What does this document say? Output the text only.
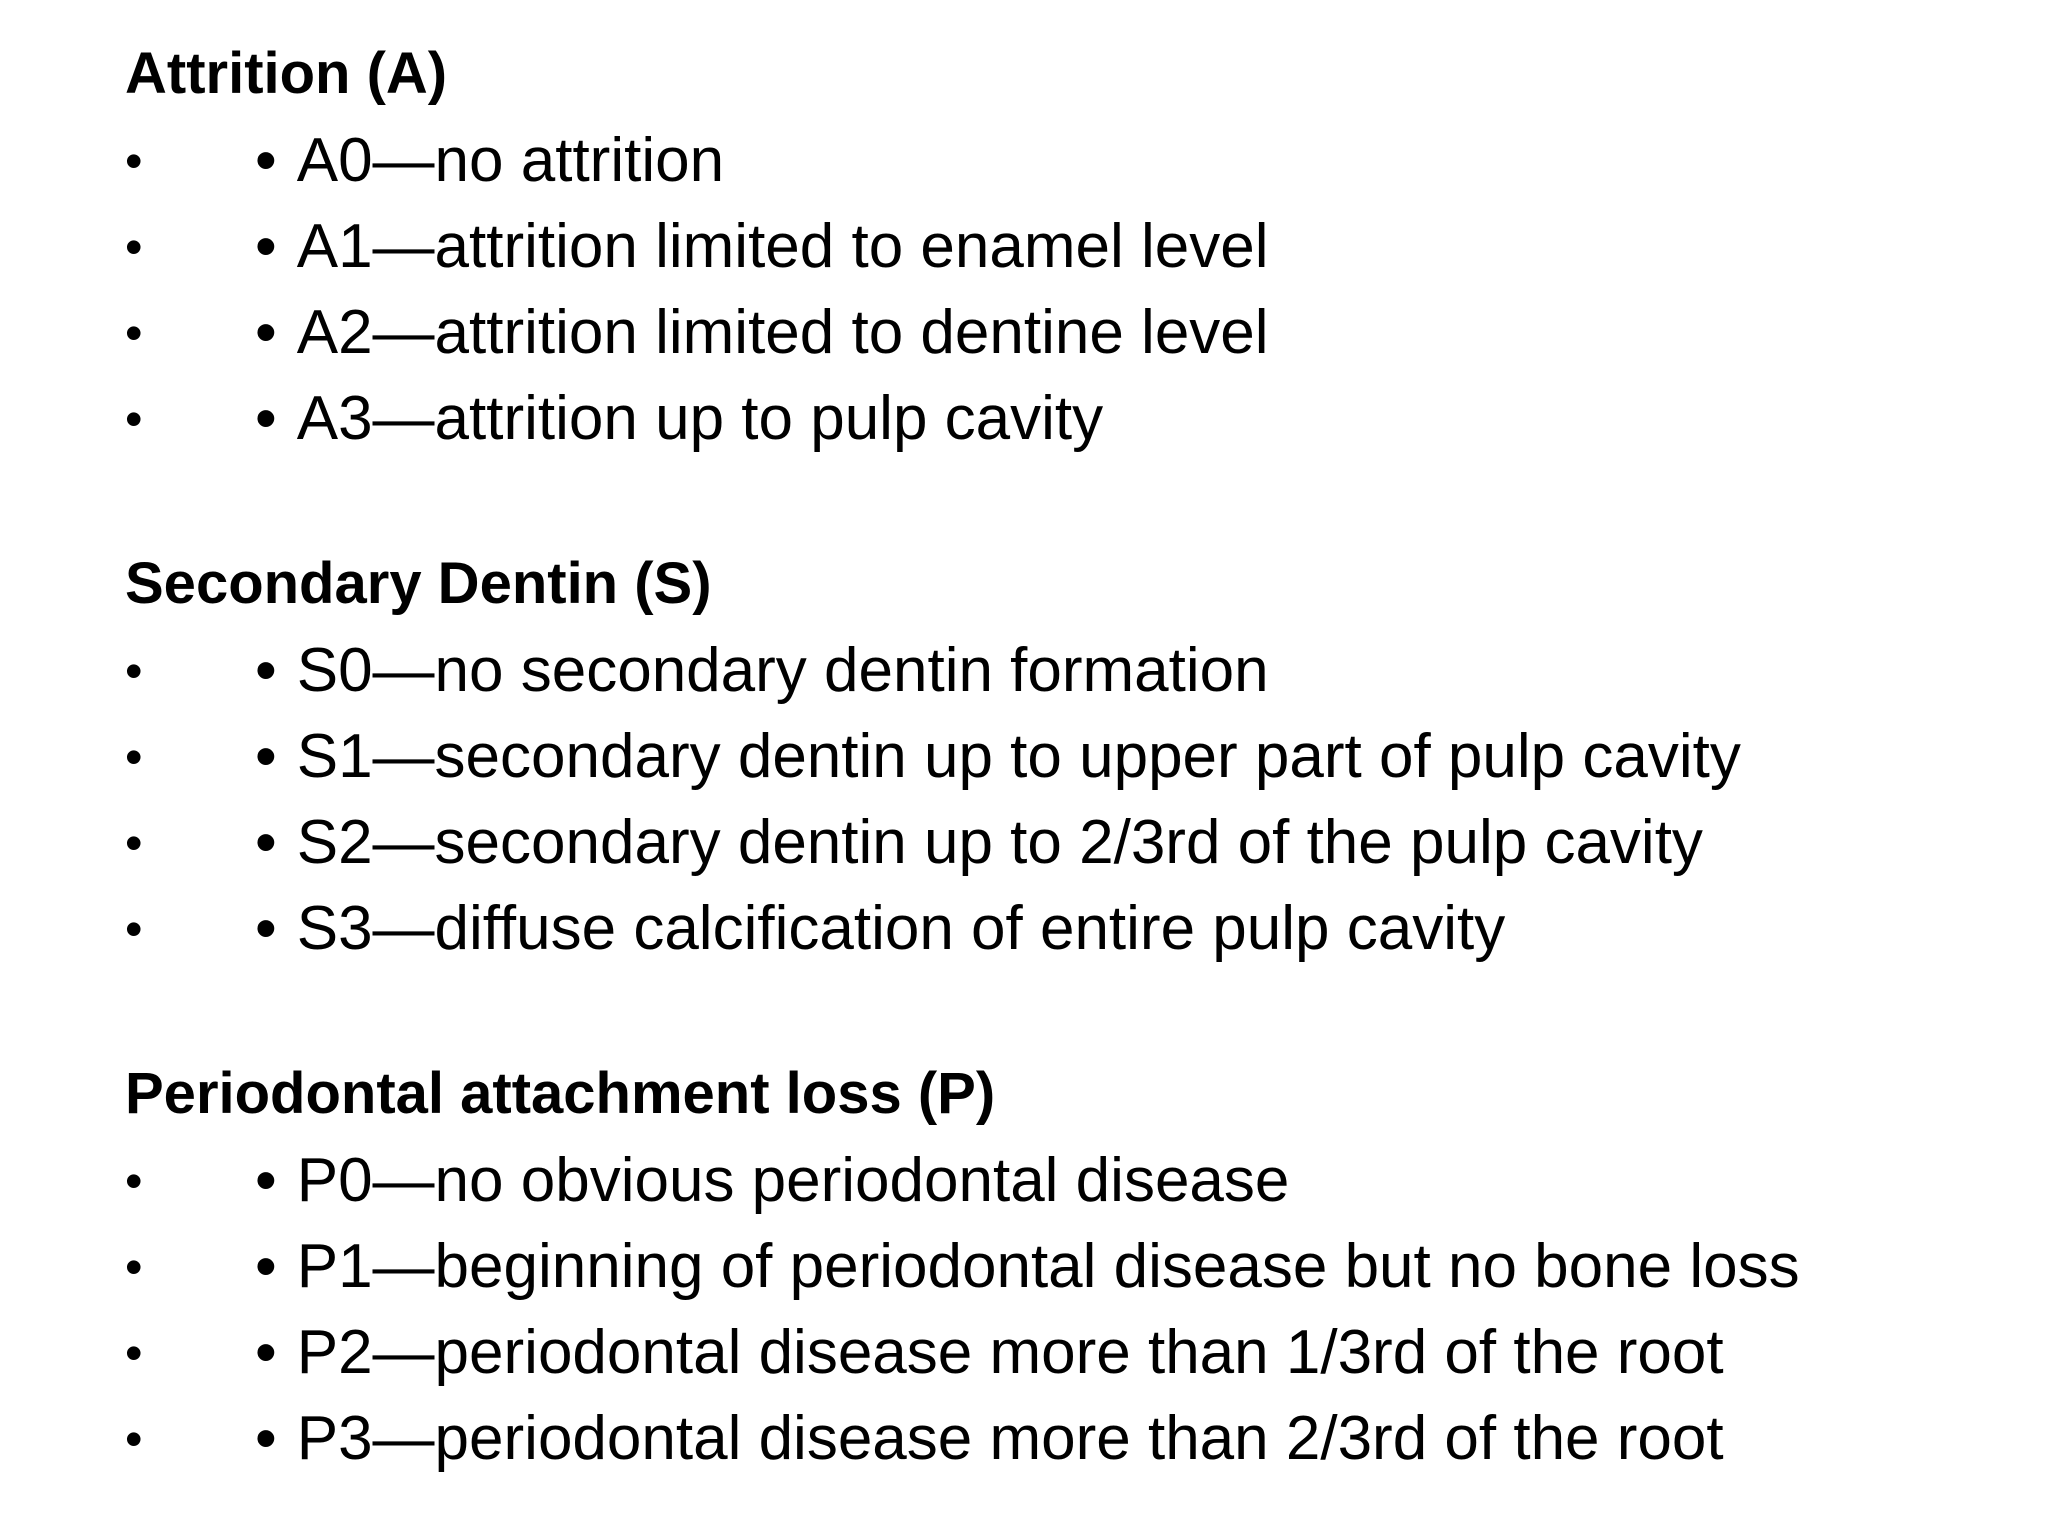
Attrition (A)
• • A0—no attrition
• • A1—attrition limited to enamel level
• • A2—attrition limited to dentine level
• • A3—attrition up to pulp cavity
Secondary Dentin (S)
• • S0—no secondary dentin formation
• • S1—secondary dentin up to upper part of pulp cavity
• • S2—secondary dentin up to 2/3rd of the pulp cavity
• • S3—diffuse calcification of entire pulp cavity
Periodontal attachment loss (P)
• • P0—no obvious periodontal disease
• • P1—beginning of periodontal disease but no bone loss
• • P2—periodontal disease more than 1/3rd of the root
• • P3—periodontal disease more than 2/3rd of the root
